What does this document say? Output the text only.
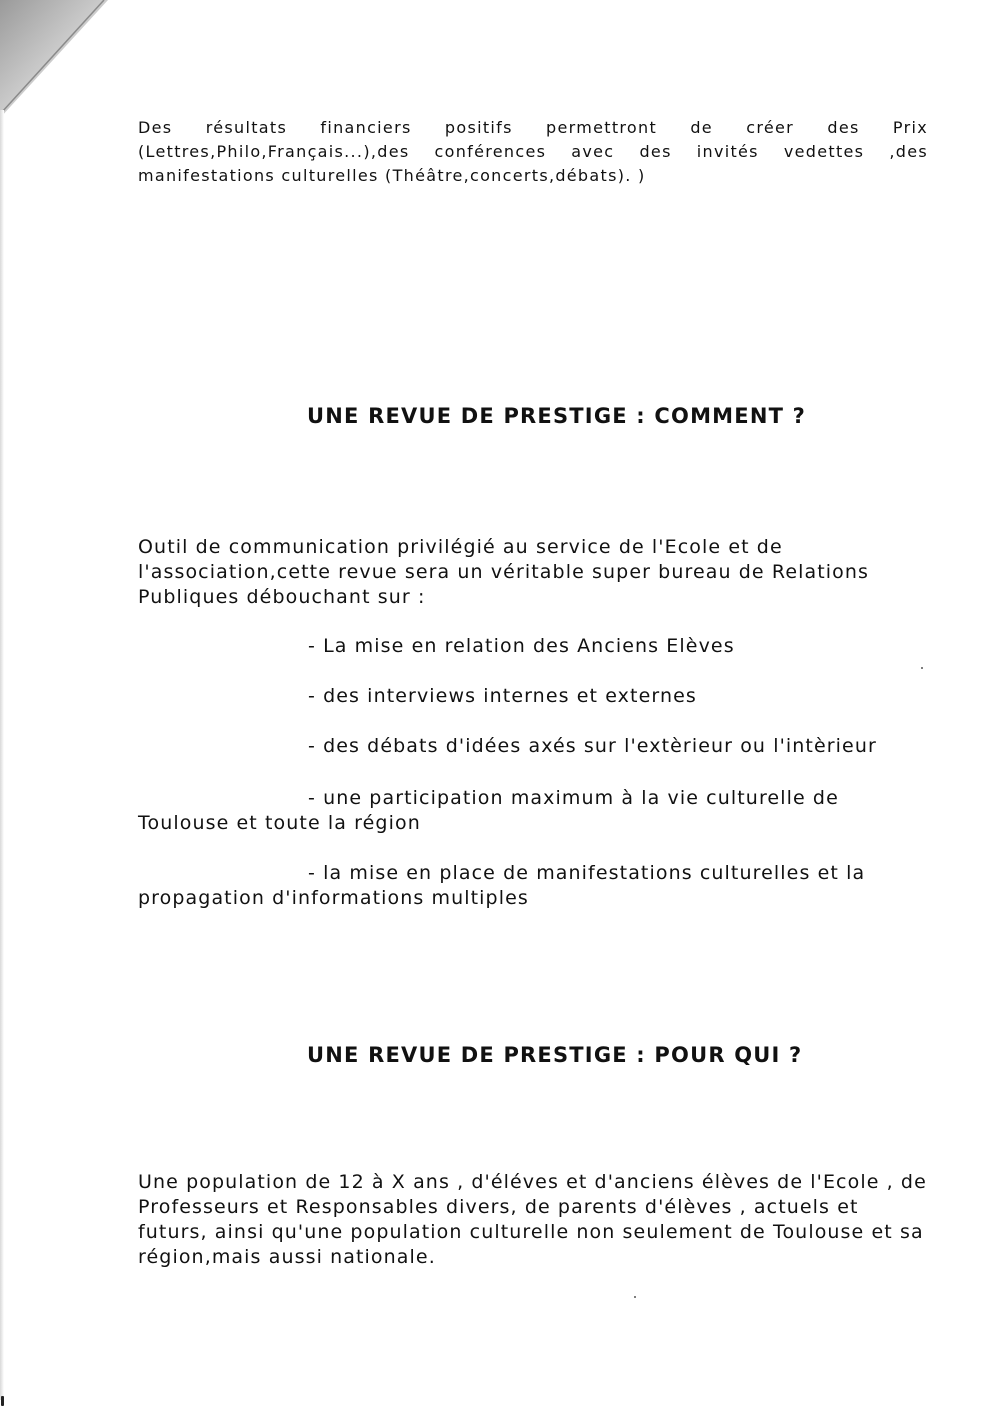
Des résultats financiers positifs permettront de créer des Prix (Lettres,Philo,Français...),des conférences avec des invités vedettes ,des manifestations culturelles (Théâtre,concerts,débats). )

UNE REVUE DE PRESTIGE : COMMENT ?

Outil de communication privilégié au service de l'Ecole et de l'association,cette revue sera un véritable super bureau de Relations Publiques débouchant sur :

- La mise en relation des Anciens Elèves
- des interviews internes et externes
- des débats d'idées axés sur l'extèrieur ou l'intèrieur
- une participation maximum à la vie culturelle de Toulouse et toute la région
- la mise en place de manifestations culturelles et la propagation d'informations multiples
UNE REVUE DE PRESTIGE : POUR QUI ?

Une population de 12 à X ans , d'éléves et d'anciens élèves de l'Ecole , de Professeurs et Responsables divers, de parents d'élèves , actuels et futurs, ainsi qu'une population culturelle non seulement de Toulouse et sa région,mais aussi nationale.
